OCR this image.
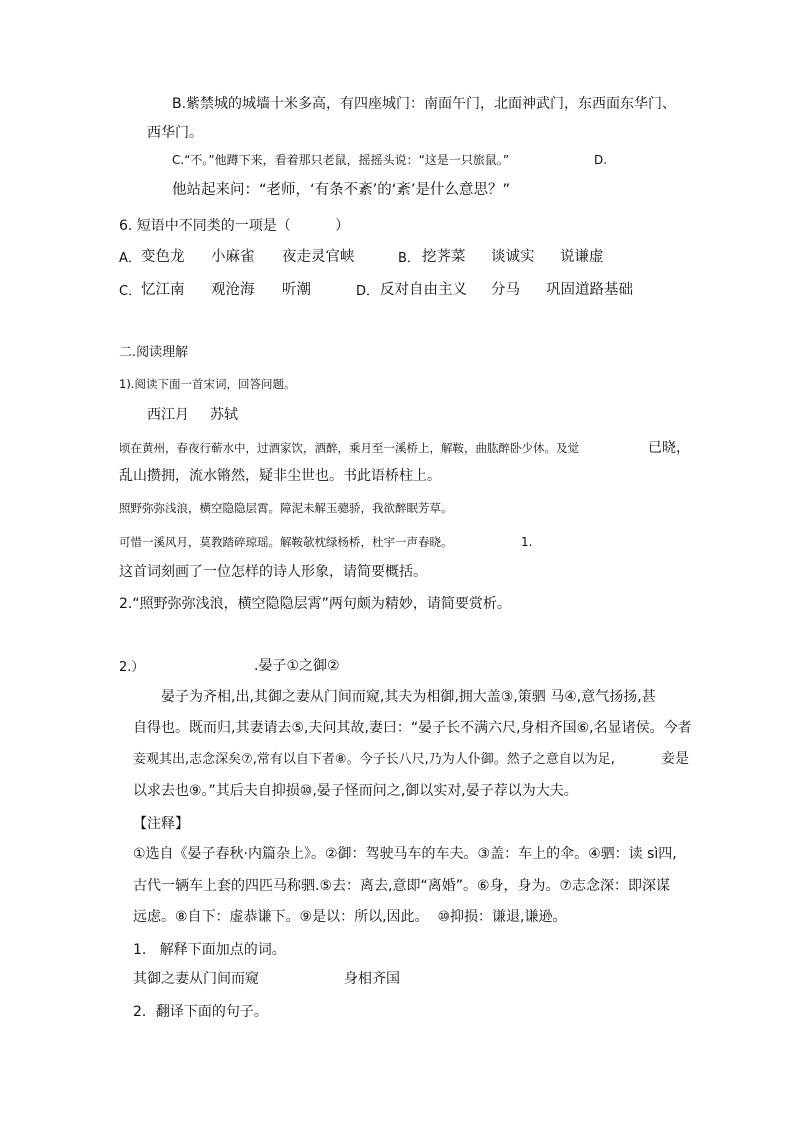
B.紫禁城的城墙十米多高，有四座城门：南面午门，北面神武门，东西面东华门、
西华门。
C.“不。”他蹲下来，看着那只老鼠，摇摇头说：“这是一只旅鼠。”	D.
他站起来问：“老师，‘有条不紊’的‘紊’是什么意思？”
6. 短语中不同类的一项是（          ）
A． 变色龙 小麻雀 夜走灵官峡	B． 挖荠菜 谈诚实 说谦虚
C． 忆江南 观沧海 听潮	D． 反对自由主义 分马 巩固道路基础
二.阅读理解
1).阅读下面一首宋词，回答问题。
西江月 苏轼
顷在黄州，春夜行蕲水中，过酒家饮，酒醉，乘月至一溪桥上，解鞍，曲肱醉卧少休。及觉	已晓，
乱山攒拥，流水锵然，疑非尘世也。书此语桥柱上。
照野弥弥浅浪，横空隐隐层霄。障泥未解玉骢骄，我欲醉眠芳草。
可惜一溪风月，莫教踏碎琼瑶。解鞍欹枕绿杨桥，杜宇一声春晓。	1.
这首词刻画了一位怎样的诗人形象，请简要概括。
2.“照野弥弥浅浪，横空隐隐层霄”两句颇为精妙，请简要赏析。
2.）	.晏子①之御②
晏子为齐相,出,其御之妻从门间而窥,其夫为相御,拥大盖③,策驷 马④,意气扬扬,甚
自得也。既而归,其妻请去⑤,夫问其故,妻曰：“晏子长不满六尺,身相齐国⑥,名显诸侯。今者
妾观其出,志念深矣⑦,常有以自下者⑧。今子长八尺,乃为人仆御。然子之意自以为足,	妾是
以求去也⑨。”其后夫自抑损⑩,晏子怪而问之,御以实对,晏子荐以为大夫。
【注释】
①选自《晏子春秋·内篇杂上》。②御：驾驶马车的车夫。③盖：车上的伞。④驷：读 sì四,
古代一辆车上套的四匹马称驷.⑤去：离去,意即“离婚”。⑥身，身为。⑦志念深：即深谋
远虑。⑧自下：虚恭谦下。⑨是以：所以,因此。  ⑩抑损：谦退,谦逊。
1.   解释下面加点的词。
其御之妻从门间而窥	身相齐国
2．翻译下面的句子。
